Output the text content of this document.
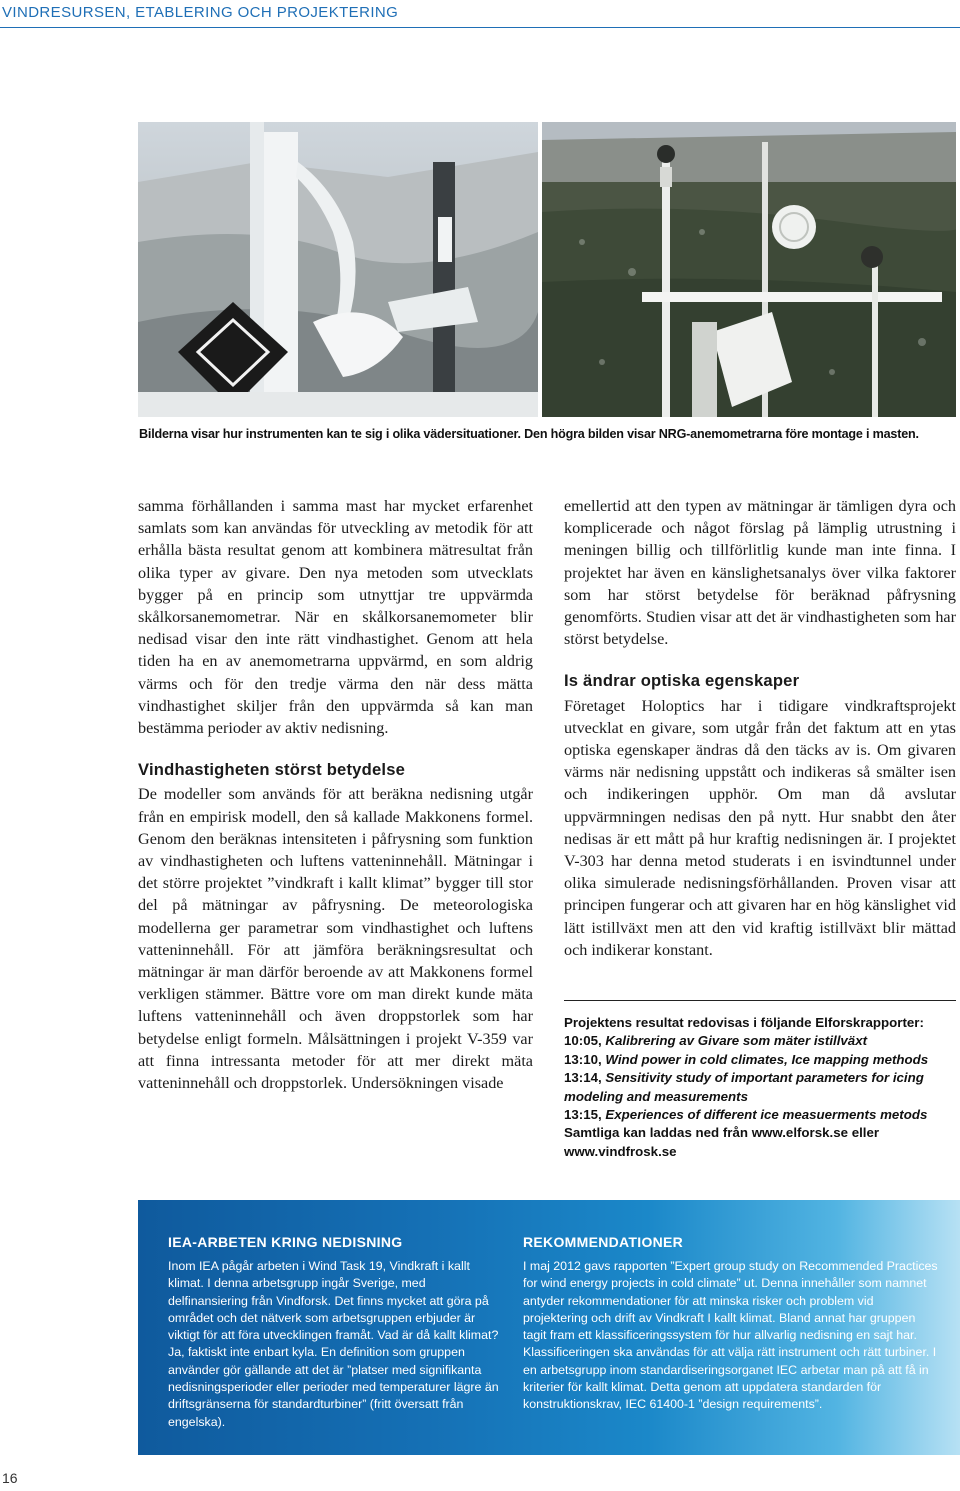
VINDRESURSEN, ETABLERING OCH PROJEKTERING
Bilderna visar hur instrumenten kan te sig i olika vädersituationer. Den högra bilden visar NRG-anemometrarna före montage i masten.

samma förhållanden i samma mast har mycket erfarenhet samlats som kan användas för utveckling av metodik för att erhålla bästa resultat genom att kombinera mätresultat från olika typer av givare. Den nya metoden som utvecklats bygger på en princip som utnyttjar tre uppvärmda skålkorsanemometrar. När en skålkorsanemometer blir nedisad visar den inte rätt vindhastighet. Genom att hela tiden ha en av anemometrarna uppvärmd, en som aldrig värms och för den tredje värma den när dess mätta vindhastighet skiljer från den uppvärmda så kan man bestämma perioder av aktiv nedisning.

Vindhastigheten störst betydelse

De modeller som används för att beräkna nedisning utgår från en empirisk modell, den så kallade Makkonens formel. Genom den beräknas intensiteten i påfrysning som funktion av vindhastigheten och luftens vatteninnehåll. Mätningar i det större projektet ”vindkraft i kallt klimat” bygger till stor del på mätningar av påfrysning. De meteorologiska modellerna ger parametrar som vindhastighet och luftens vatteninnehåll. För att jämföra beräkningsresultat och mätningar är man därför beroende av att Makkonens formel verkligen stämmer. Bättre vore om man direkt kunde mäta luftens vatteninnehåll och även droppstorlek som har betydelse enligt formeln. Målsättningen i projekt V-359 var att finna intressanta metoder för att mer direkt mäta vatteninnehåll och droppstorlek. Undersökningen visade

emellertid att den typen av mätningar är tämligen dyra och komplicerade och något förslag på lämplig utrustning i meningen billig och tillförlitlig kunde man inte finna. I projektet har även en känslighetsanalys över vilka faktorer som har störst betydelse för beräknad påfrysning genomförts. Studien visar att det är vindhastigheten som har störst betydelse.

Is ändrar optiska egenskaper

Företaget Holoptics har i tidigare vindkraftsprojekt utvecklat en givare, som utgår från det faktum att en ytas optiska egenskaper ändras då den täcks av is. Om givaren värms när nedisning uppstått och indikeras så smälter isen och indikeringen upphör. Om man då avslutar uppvärmningen nedisas den på nytt. Hur snabbt den åter nedisas är ett mått på hur kraftig nedisningen är. I projektet V-303 har denna metod studerats i en isvindtunnel under olika simulerade nedisningsförhållanden. Proven visar att principen fungerar och att givaren har en hög känslighet vid lätt istillväxt men att den vid kraftig istillväxt blir mättad och indikerar konstant.

Projektens resultat redovisas i följande Elforskrapporter:
10:05, Kalibrering av Givare som mäter istillväxt
13:10, Wind power in cold climates, Ice mapping methods
13:14, Sensitivity study of important parameters for icing modeling and measurements
13:15, Experiences of different ice measuerments metods
Samtliga kan laddas ned från www.elforsk.se eller www.vindfrosk.se
IEA-ARBETEN KRING NEDISNING
Inom IEA pågår arbeten i Wind Task 19, Vindkraft i kallt klimat. I denna arbetsgrupp ingår Sverige, med delfinansiering från Vindforsk. Det finns mycket att göra på området och det nätverk som arbetsgruppen erbjuder är viktigt för att föra utvecklingen framåt. Vad är då kallt klimat? Ja, faktiskt inte enbart kyla. En definition som gruppen använder gör gällande att det är ”platser med signifikanta nedisningsperioder eller perioder med temperaturer lägre än driftsgränserna för standardturbiner” (fritt översatt från engelska).
REKOMMENDATIONER
I maj 2012 gavs rapporten ”Expert group study on Recommended Practices for wind energy projects in cold climate” ut. Denna innehåller som namnet antyder rekommendationer för att minska risker och problem vid projektering och drift av Vindkraft I kallt klimat. Bland annat har gruppen tagit fram ett klassificeringssystem för hur allvarlig nedisning en sajt har. Klassificeringen ska användas för att välja rätt instrument och rätt turbiner. I en arbetsgrupp inom standardiseringsorganet IEC arbetar man på att få in kriterier för kallt klimat. Detta genom att uppdatera standarden för konstruktionskrav, IEC 61400-1 ”design requirements”.
16
